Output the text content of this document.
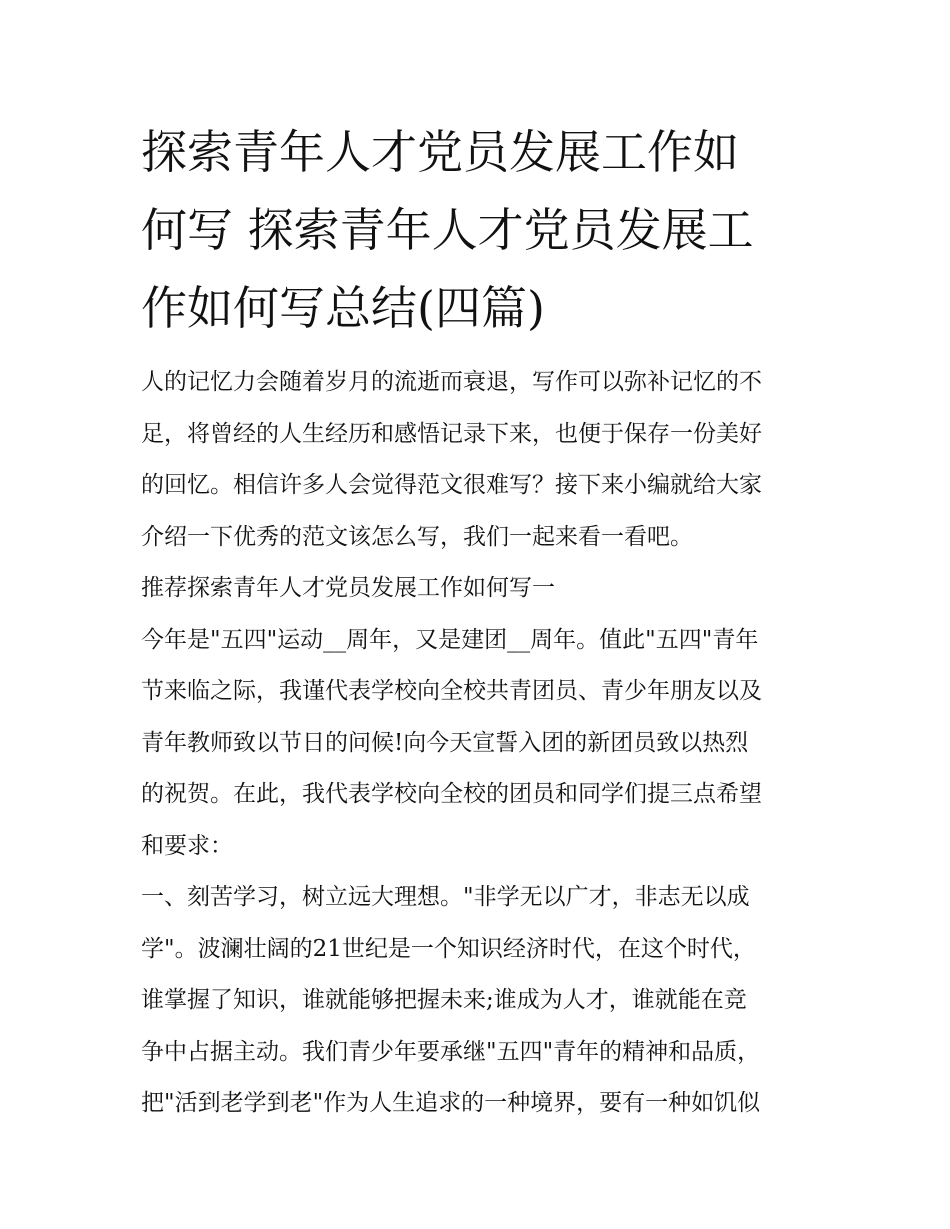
探索青年人才党员发展工作如
何写 探索青年人才党员发展工
作如何写总结(四篇)
人的记忆力会随着岁月的流逝而衰退，写作可以弥补记忆的不
足，将曾经的人生经历和感悟记录下来，也便于保存一份美好
的回忆。相信许多人会觉得范文很难写？接下来小编就给大家
介绍一下优秀的范文该怎么写，我们一起来看一看吧。
推荐探索青年人才党员发展工作如何写一
今年是"五四"运动__周年，又是建团__周年。值此"五四"青年
节来临之际，我谨代表学校向全校共青团员、青少年朋友以及
青年教师致以节日的问候!向今天宣誓入团的新团员致以热烈
的祝贺。在此，我代表学校向全校的团员和同学们提三点希望
和要求：
一、刻苦学习，树立远大理想。"非学无以广才，非志无以成
学"。波澜壮阔的21世纪是一个知识经济时代，在这个时代，
谁掌握了知识，谁就能够把握未来;谁成为人才，谁就能在竞
争中占据主动。我们青少年要承继"五四"青年的精神和品质，
把"活到老学到老"作为人生追求的一种境界，要有一种如饥似
